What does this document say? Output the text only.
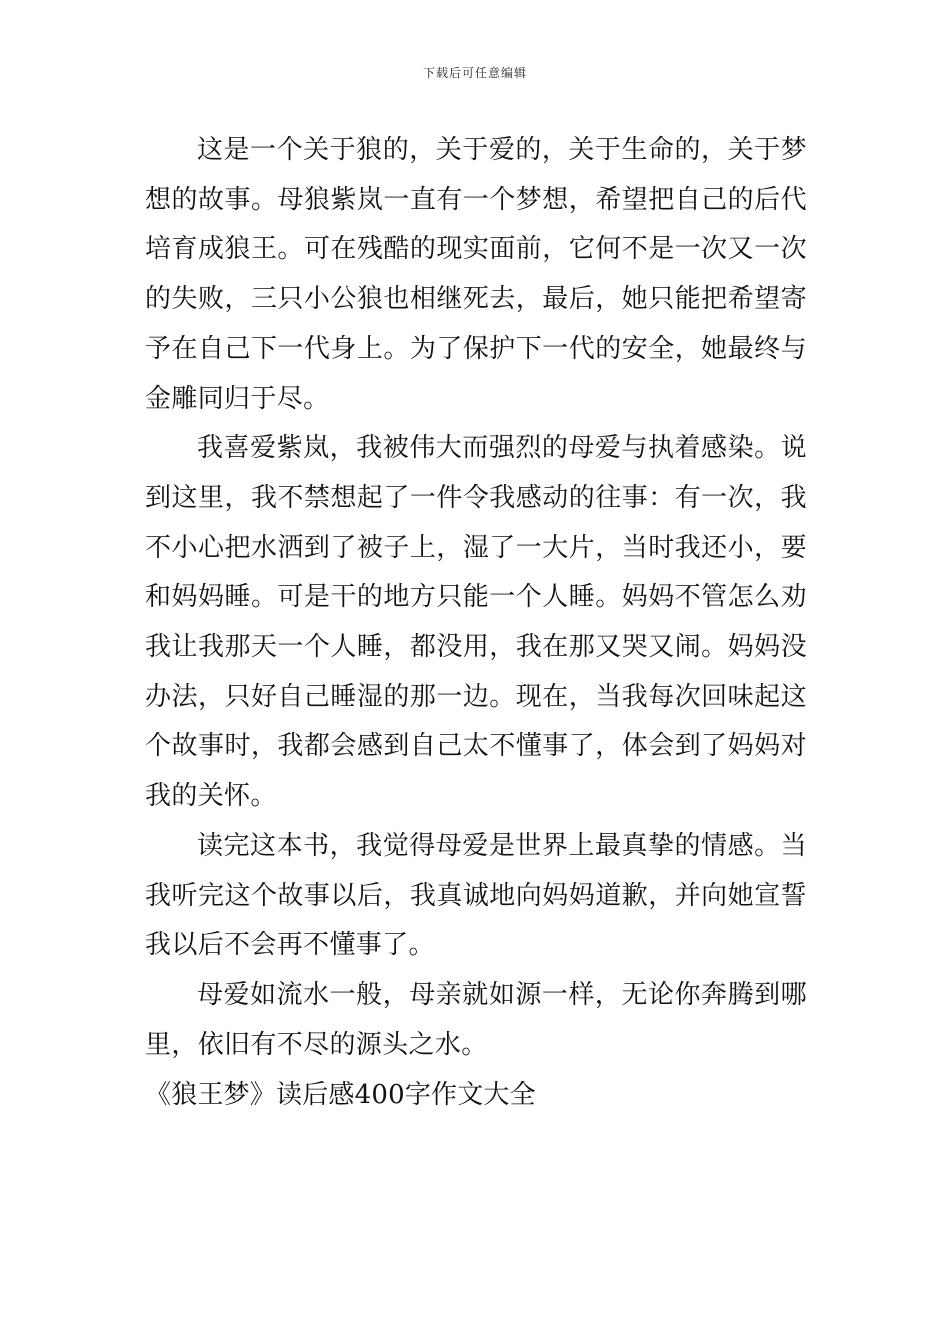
下载后可任意编辑

这是一个关于狼的，关于爱的，关于生命的，关于梦想的故事。母狼紫岚一直有一个梦想，希望把自己的后代培育成狼王。可在残酷的现实面前，它何不是一次又一次的失败，三只小公狼也相继死去，最后，她只能把希望寄予在自己下一代身上。为了保护下一代的安全，她最终与金雕同归于尽。

我喜爱紫岚，我被伟大而强烈的母爱与执着感染。说到这里，我不禁想起了一件令我感动的往事：有一次，我不小心把水洒到了被子上，湿了一大片，当时我还小，要和妈妈睡。可是干的地方只能一个人睡。妈妈不管怎么劝我让我那天一个人睡，都没用，我在那又哭又闹。妈妈没办法，只好自己睡湿的那一边。现在，当我每次回味起这个故事时，我都会感到自己太不懂事了，体会到了妈妈对我的关怀。

读完这本书，我觉得母爱是世界上最真挚的情感。当我听完这个故事以后，我真诚地向妈妈道歉，并向她宣誓我以后不会再不懂事了。

母爱如流水一般，母亲就如源一样，无论你奔腾到哪里，依旧有不尽的源头之水。

《狼王梦》读后感400字作文大全
